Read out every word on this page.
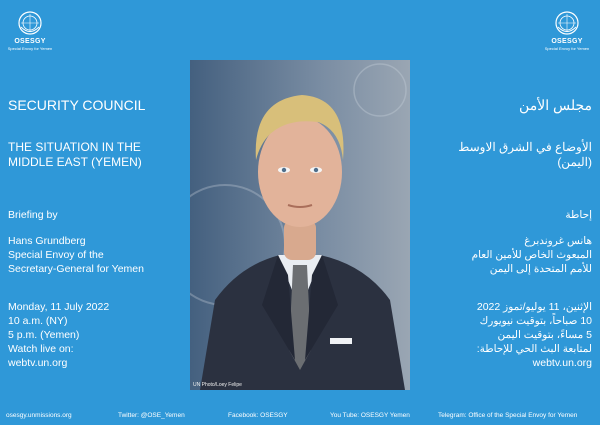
OSESGY
Special Envoy for Yemen
OSESGY
Special Envoy for Yemen
SECURITY COUNCIL
THE SITUATION IN THE
MIDDLE EAST (YEMEN)
Briefing by
Hans Grundberg
Special Envoy of the
Secretary-General for Yemen
Monday, 11 July 2022
10 a.m. (NY)
5 p.m. (Yemen)
Watch live on:
webtv.un.org
UN Photo/Loey Felipe
مجلس الأمن
الأوضاع في الشرق الاوسط
(اليمن)
إحاطة
هانس غروندبرغ
المبعوث الخاص للأمين العام
للأمم المتحدة إلى اليمن
الإثنين، 11 يوليو/تموز 2022
10 صباحاً، بتوقيت نيويورك
5 مساءً، بتوقيت اليمن
لمتابعة البث الحي للإحاطة:
webtv.un.org
osesgy.unmissions.org	Twitter: @OSE_Yemen	Facebook: OSESGY	You Tube: OSESGY Yemen	Telegram: Office of the Special Envoy for Yemen
